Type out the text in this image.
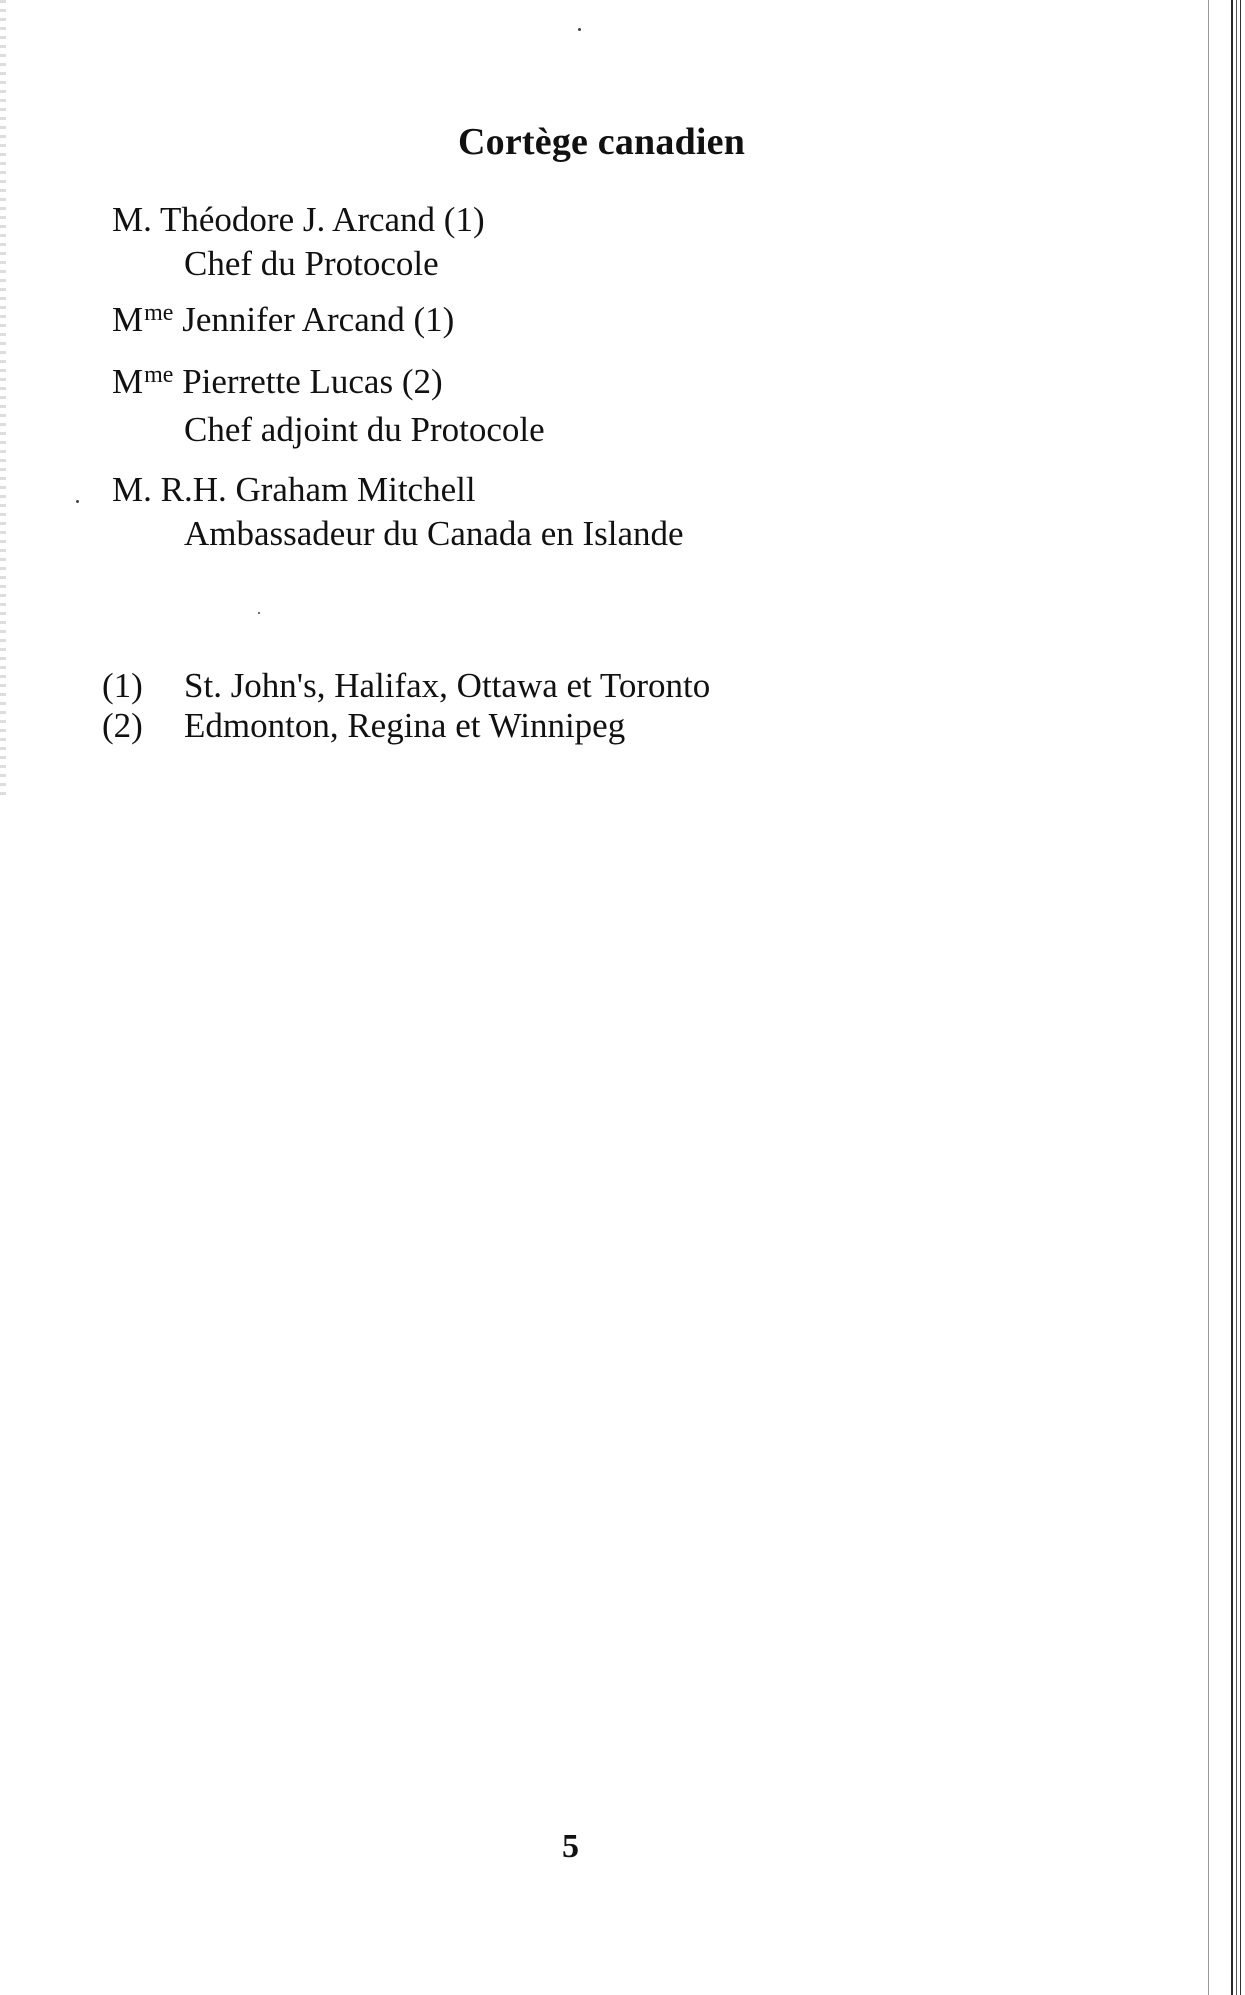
Cortège canadien
M. Théodore J. Arcand (1)
Chef du Protocole
$M^{me}$ Jennifer Arcand (1)
$M^{me}$ Pierrette Lucas (2)
Chef adjoint du Protocole
M. R.H. Graham Mitchell
Ambassadeur du Canada en Islande
(1) St. John's, Halifax, Ottawa et Toronto
(2) Edmonton, Regina et Winnipeg
5
